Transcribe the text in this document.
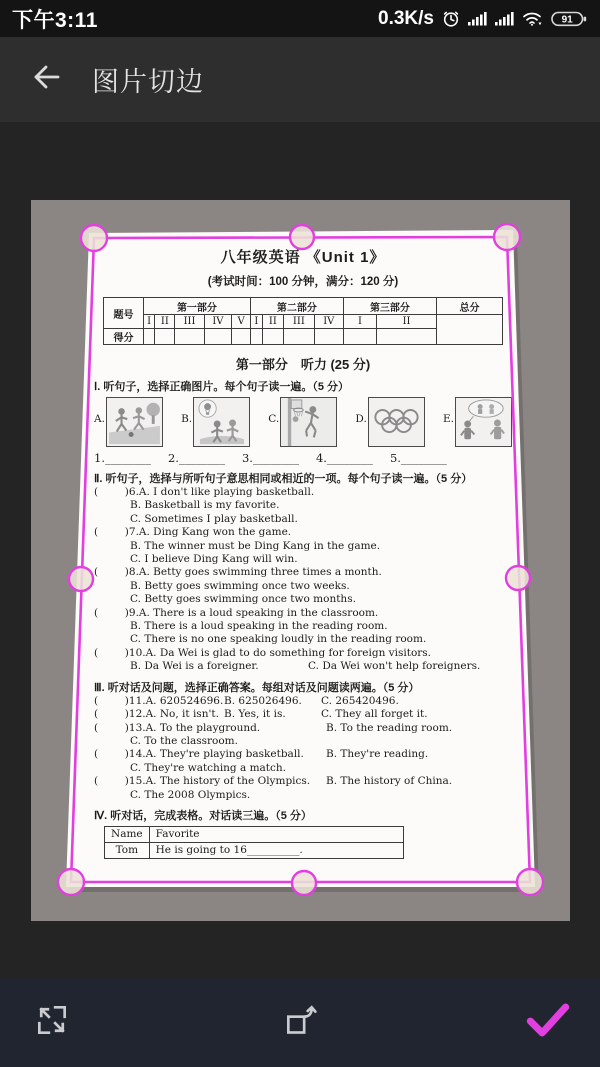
下午3:11	0.3K/s	91
图片切边
八年级英语 《Unit 1》
(考试时间：100 分钟，满分：120 分)
题号	第一部分					第二部分				第三部分		总分
	I	II	III	IV	V	I	II	III	IV	I	II	
得分												
第一部分　听力 (25 分)
Ⅰ. 听句子，选择正确图片。每个句子读一遍。（5 分）
A.	B.	C.	D.	E.
1.________ 2.________ 3.________ 4.________ 5.________
Ⅱ. 听句子，选择与所听句子意思相同或相近的一项。每个句子读一遍。（5 分）
(        )6.A. I don't like playing basketball.
B. Basketball is my favorite.
C. Sometimes I play basketball.
(        )7.A. Ding Kang won the game.
B. The winner must be Ding Kang in the game.
C. I believe Ding Kang will win.
(        )8.A. Betty goes swimming three times a month.
B. Betty goes swimming once two weeks.
C. Betty goes swimming once two months.
(        )9.A. There is a loud speaking in the classroom.
B. There is a loud speaking in the reading room.
C. There is no one speaking loudly in the reading room.
(        )10.A. Da Wei is glad to do something for foreign visitors.
B. Da Wei is a foreigner.	C. Da Wei won't help foreigners.
Ⅲ. 听对话及问题，选择正确答案。每组对话及问题读两遍。（5 分）
(        )11.A. 620524696. B. 625026496.	C. 265420496.
(        )12.A. No, it isn't. B. Yes, it is.	C. They all forget it.
(        )13.A. To the playground.	B. To the reading room.
C. To the classroom.
(        )14.A. They're playing basketball.	B. They're reading.
C. They're watching a match.
(        )15.A. The history of the Olympics.	B. The history of China.
C. The 2008 Olympics.
Ⅳ. 听对话，完成表格。对话读三遍。（5 分）
Name	Favorite
Tom	He is going to 16__________.
